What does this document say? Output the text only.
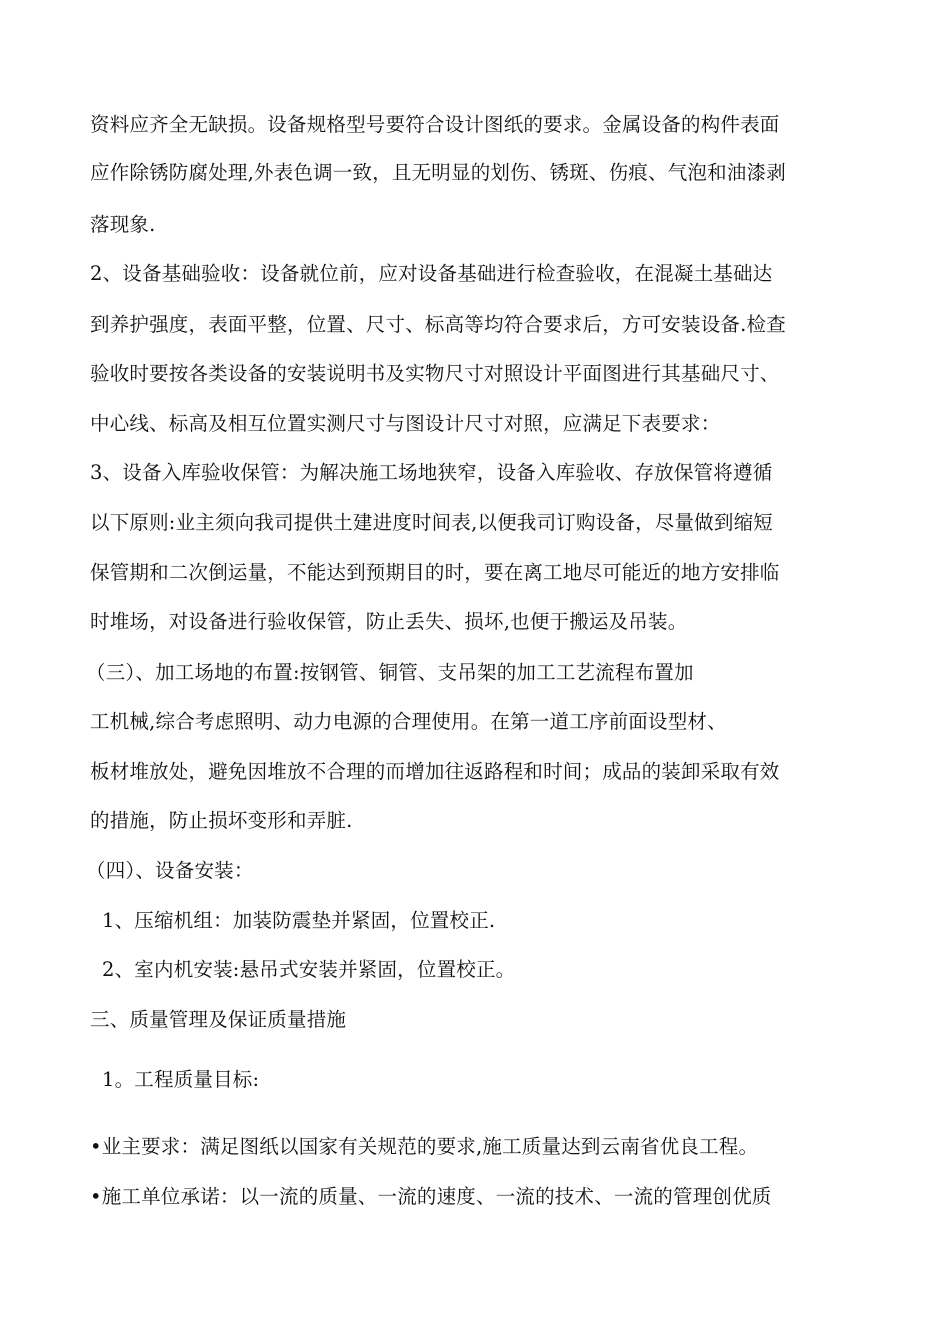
资料应齐全无缺损。设备规格型号要符合设计图纸的要求。金属设备的构件表面
应作除锈防腐处理,外表色调一致，且无明显的划伤、锈斑、伤痕、气泡和油漆剥
落现象.
2、设备基础验收：设备就位前，应对设备基础进行检查验收，在混凝土基础达
到养护强度，表面平整，位置、尺寸、标高等均符合要求后，方可安装设备.检查
验收时要按各类设备的安装说明书及实物尺寸对照设计平面图进行其基础尺寸、
中心线、标高及相互位置实测尺寸与图设计尺寸对照，应满足下表要求：
3、设备入库验收保管：为解决施工场地狭窄，设备入库验收、存放保管将遵循
以下原则:业主须向我司提供土建进度时间表,以便我司订购设备，尽量做到缩短
保管期和二次倒运量，不能达到预期目的时，要在离工地尽可能近的地方安排临
时堆场，对设备进行验收保管，防止丢失、损坏,也便于搬运及吊装。
（三）、加工场地的布置:按钢管、铜管、支吊架的加工工艺流程布置加
工机械,综合考虑照明、动力电源的合理使用。在第一道工序前面设型材、
板材堆放处，避免因堆放不合理的而增加往返路程和时间；成品的装卸采取有效
的措施，防止损坏变形和弄脏.
（四）、设备安装：
1、压缩机组：加装防震垫并紧固，位置校正.
2、室内机安装:悬吊式安装并紧固，位置校正。
三、质量管理及保证质量措施
1。工程质量目标:
•业主要求：满足图纸以国家有关规范的要求,施工质量达到云南省优良工程。
•施工单位承诺：以一流的质量、一流的速度、一流的技术、一流的管理创优质
